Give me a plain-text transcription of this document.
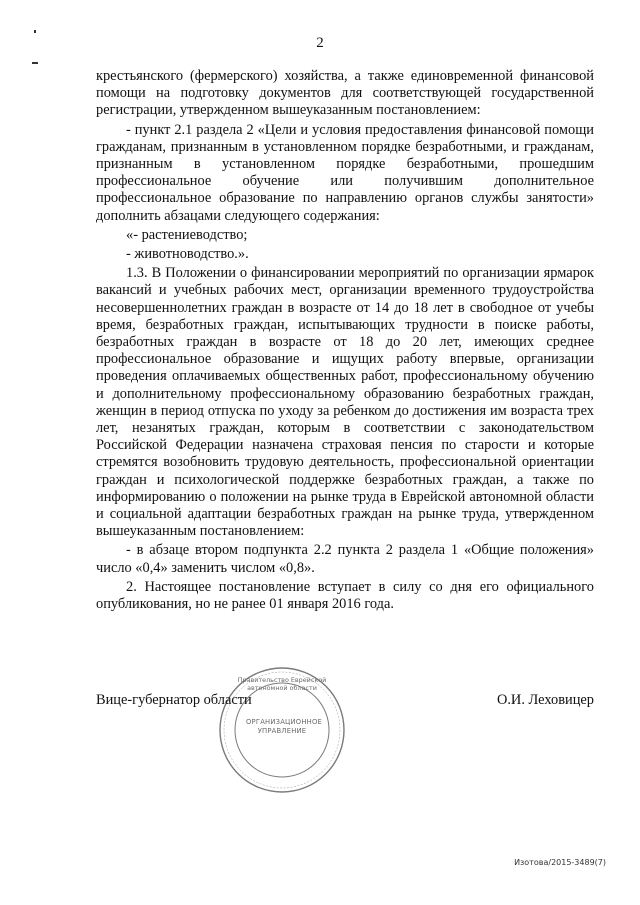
2

крестьянского (фермерского) хозяйства, а также единовременной финансовой помощи на подготовку документов для соответствующей государственной регистрации, утвержденном вышеуказанным постановлением:

- пункт 2.1 раздела 2 «Цели и условия предоставления финансовой помощи гражданам, признанным в установленном порядке безработными, и гражданам, признанным в установленном порядке безработными, прошедшим профессиональное обучение или получившим дополнительное профессиональное образование по направлению органов службы занятости» дополнить абзацами следующего содержания:

«- растениеводство;

- животноводство.».

1.3. В Положении о финансировании мероприятий по организации ярмарок вакансий и учебных рабочих мест, организации временного трудоустройства несовершеннолетних граждан в возрасте от 14 до 18 лет в свободное от учебы время, безработных граждан, испытывающих трудности в поиске работы, безработных граждан в возрасте от 18 до 20 лет, имеющих среднее профессиональное образование и ищущих работу впервые, организации проведения оплачиваемых общественных работ, профессиональному обучению и дополнительному профессиональному образованию безработных граждан, женщин в период отпуска по уходу за ребенком до достижения им возраста трех лет, незанятых граждан, которым в соответствии с законодательством Российской Федерации назначена страховая пенсия по старости и которые стремятся возобновить трудовую деятельность, профессиональной ориентации граждан и психологической поддержке безработных граждан, а также по информированию о положении на рынке труда в Еврейской автономной области и социальной адаптации безработных граждан на рынке труда, утвержденном вышеуказанным постановлением:

- в абзаце втором подпункта 2.2 пункта 2 раздела 1 «Общие положения» число «0,4» заменить числом «0,8».

2. Настоящее постановление вступает в силу со дня его официального опубликования, но не ранее 01 января 2016 года.

Правительство Еврейской автономной области
ОРГАНИЗАЦИОННОЕ
УПРАВЛЕНИЕ
Вице-губернатор области	О.И. Леховицер
Изотова/2015-3489(7)
